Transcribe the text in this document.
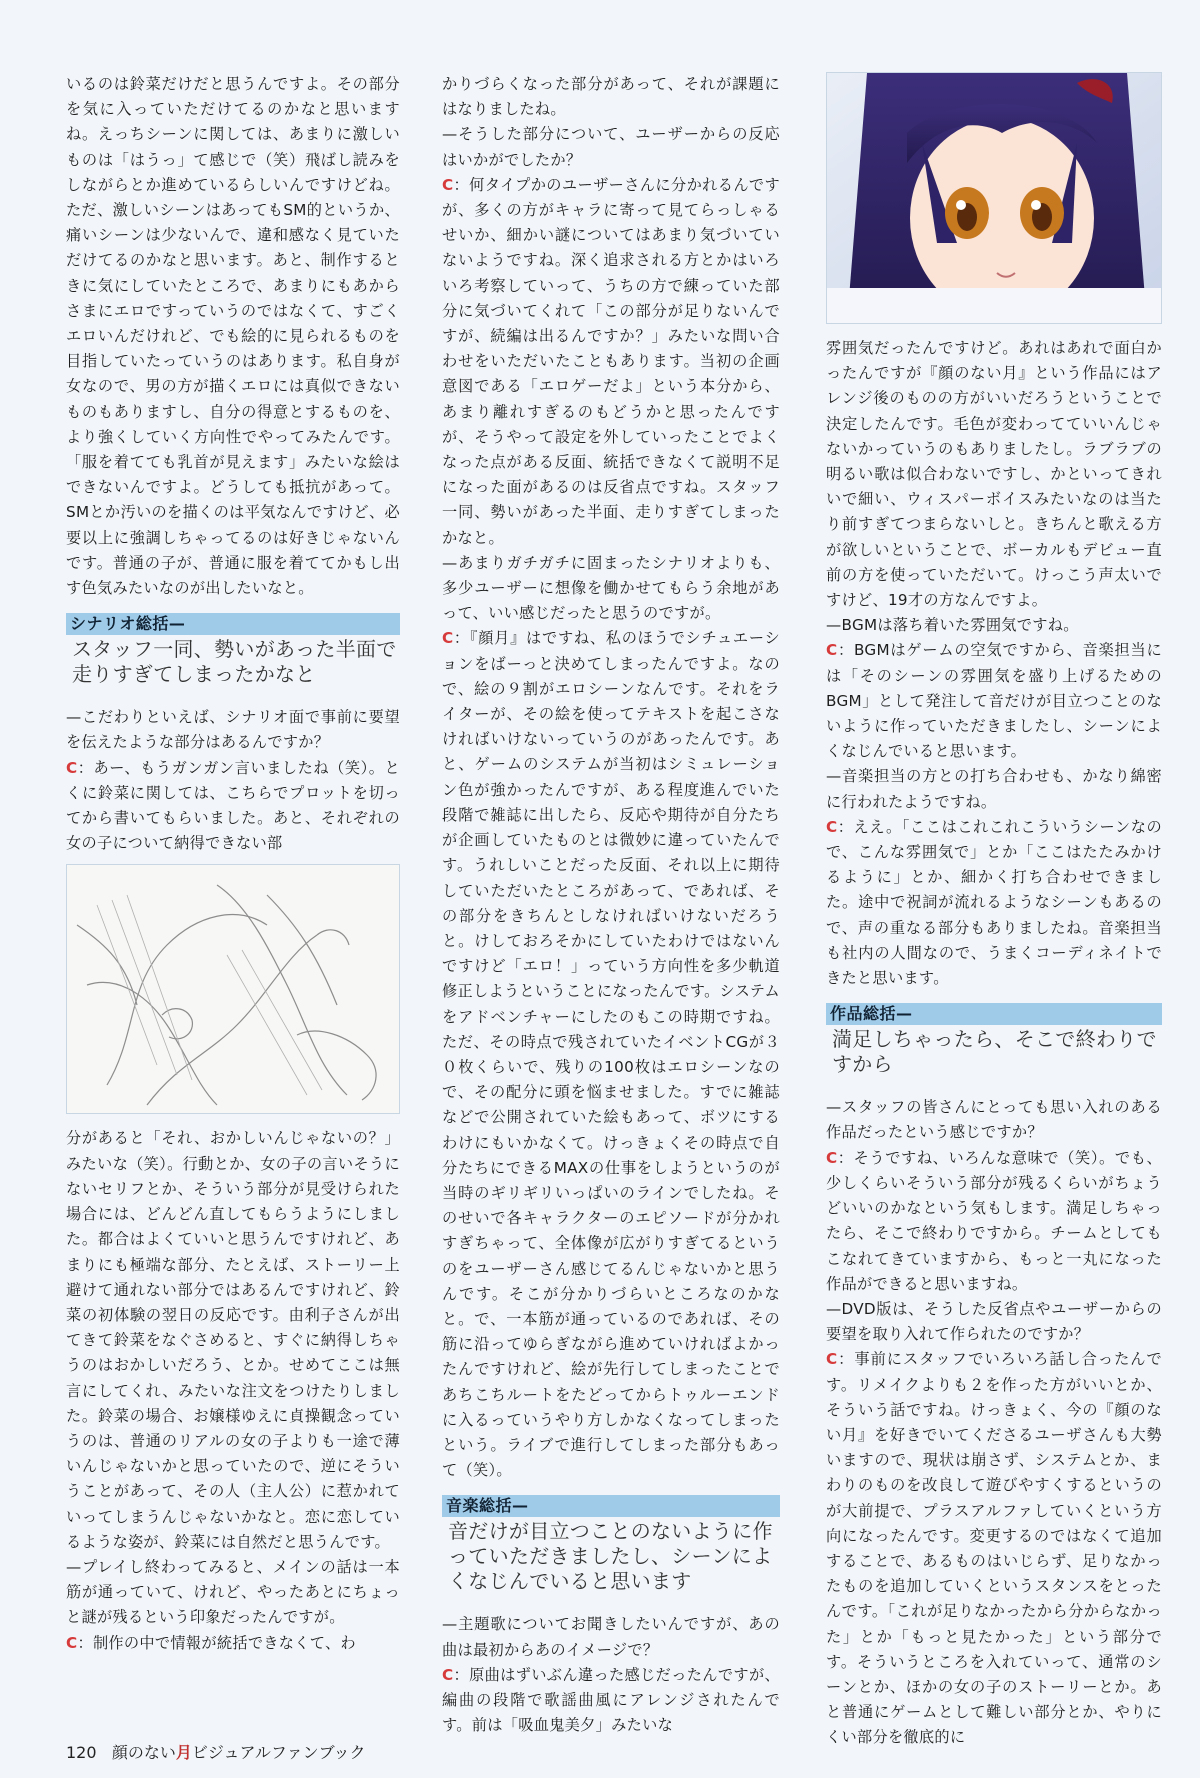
いるのは鈴菜だけだと思うんですよ。その部分を気に入っていただけてるのかなと思いますね。えっちシーンに関しては、あまりに激しいものは「はうっ」て感じで（笑）飛ばし読みをしながらとか進めているらしいんですけどね。ただ、激しいシーンはあってもSM的というか、痛いシーンは少ないんで、違和感なく見ていただけてるのかなと思います。あと、制作するときに気にしていたところで、あまりにもあからさまにエロですっていうのではなくて、すごくエロいんだけれど、でも絵的に見られるものを目指していたっていうのはあります。私自身が女なので、男の方が描くエロには真似できないものもありますし、自分の得意とするものを、より強くしていく方向性でやってみたんです。「服を着てても乳首が見えます」みたいな絵はできないんですよ。どうしても抵抗があって。SMとか汚いのを描くのは平気なんですけど、必要以上に強調しちゃってるのは好きじゃないんです。普通の子が、普通に服を着ててかもし出す色気みたいなのが出したいなと。

シナリオ総括—
スタッフ一同、勢いがあった半面で走りすぎてしまったかなと

—こだわりといえば、シナリオ面で事前に要望を伝えたような部分はあるんですか？

C：あー、もうガンガン言いましたね（笑）。とくに鈴菜に関しては、こちらでプロットを切ってから書いてもらいました。あと、それぞれの女の子について納得できない部

分があると「それ、おかしいんじゃないの？」みたいな（笑）。行動とか、女の子の言いそうにないセリフとか、そういう部分が見受けられた場合には、どんどん直してもらうようにしました。都合はよくていいと思うんですけれど、あまりにも極端な部分、たとえば、ストーリー上避けて通れない部分ではあるんですけれど、鈴菜の初体験の翌日の反応です。由利子さんが出てきて鈴菜をなぐさめると、すぐに納得しちゃうのはおかしいだろう、とか。せめてここは無言にしてくれ、みたいな注文をつけたりしました。鈴菜の場合、お嬢様ゆえに貞操観念っていうのは、普通のリアルの女の子よりも一途で薄いんじゃないかと思っていたので、逆にそういうことがあって、その人（主人公）に惹かれていってしまうんじゃないかなと。恋に恋しているような姿が、鈴菜には自然だと思うんです。

—プレイし終わってみると、メインの話は一本筋が通っていて、けれど、やったあとにちょっと謎が残るという印象だったんですが。

C：制作の中で情報が統括できなくて、わ

かりづらくなった部分があって、それが課題にはなりましたね。

—そうした部分について、ユーザーからの反応はいかがでしたか？

C：何タイプかのユーザーさんに分かれるんですが、多くの方がキャラに寄って見てらっしゃるせいか、細かい謎についてはあまり気づいていないようですね。深く追求される方とかはいろいろ考察していって、うちの方で練っていた部分に気づいてくれて「この部分が足りないんですが、続編は出るんですか？」みたいな問い合わせをいただいたこともあります。当初の企画意図である「エロゲーだよ」という本分から、あまり離れすぎるのもどうかと思ったんですが、そうやって設定を外していったことでよくなった点がある反面、統括できなくて説明不足になった面があるのは反省点ですね。スタッフ一同、勢いがあった半面、走りすぎてしまったかなと。

—あまりガチガチに固まったシナリオよりも、多少ユーザーに想像を働かせてもらう余地があって、いい感じだったと思うのですが。

C：『顔月』はですね、私のほうでシチュエーションをばーっと決めてしまったんですよ。なので、絵の９割がエロシーンなんです。それをライターが、その絵を使ってテキストを起こさなければいけないっていうのがあったんです。あと、ゲームのシステムが当初はシミュレーション色が強かったんですが、ある程度進んでいた段階で雑誌に出したら、反応や期待が自分たちが企画していたものとは微妙に違っていたんです。うれしいことだった反面、それ以上に期待していただいたところがあって、であれば、その部分をきちんとしなければいけないだろうと。けしておろそかにしていたわけではないんですけど「エロ！」っていう方向性を多少軌道修正しようということになったんです。システムをアドベンチャーにしたのもこの時期ですね。ただ、その時点で残されていたイベントCGが３０枚くらいで、残りの100枚はエロシーンなので、その配分に頭を悩ませました。すでに雑誌などで公開されていた絵もあって、ボツにするわけにもいかなくて。けっきょくその時点で自分たちにできるMAXの仕事をしようというのが当時のギリギリいっぱいのラインでしたね。そのせいで各キャラクターのエピソードが分かれすぎちゃって、全体像が広がりすぎてるというのをユーザーさん感じてるんじゃないかと思うんです。そこが分かりづらいところなのかなと。で、一本筋が通っているのであれば、その筋に沿ってゆらぎながら進めていければよかったんですけれど、絵が先行してしまったことであちこちルートをたどってからトゥルーエンドに入るっていうやり方しかなくなってしまったという。ライブで進行してしまった部分もあって（笑）。

音楽総括—
音だけが目立つことのないように作っていただきましたし、シーンによくなじんでいると思います

—主題歌についてお聞きしたいんですが、あの曲は最初からあのイメージで？

C：原曲はずいぶん違った感じだったんですが、編曲の段階で歌謡曲風にアレンジされたんです。前は「吸血鬼美夕」みたいな

雰囲気だったんですけど。あれはあれで面白かったんですが『顔のない月』という作品にはアレンジ後のものの方がいいだろうということで決定したんです。毛色が変わってていいんじゃないかっていうのもありましたし。ラブラブの明るい歌は似合わないですし、かといってきれいで細い、ウィスパーボイスみたいなのは当たり前すぎてつまらないしと。きちんと歌える方が欲しいということで、ボーカルもデビュー直前の方を使っていただいて。けっこう声太いですけど、19才の方なんですよ。

—BGMは落ち着いた雰囲気ですね。

C：BGMはゲームの空気ですから、音楽担当には「そのシーンの雰囲気を盛り上げるためのBGM」として発注して音だけが目立つことのないように作っていただきましたし、シーンによくなじんでいると思います。

—音楽担当の方との打ち合わせも、かなり綿密に行われたようですね。

C：ええ。「ここはこれこれこういうシーンなので、こんな雰囲気で」とか「ここはたたみかけるように」とか、細かく打ち合わせできました。途中で祝詞が流れるようなシーンもあるので、声の重なる部分もありましたね。音楽担当も社内の人間なので、うまくコーディネイトできたと思います。

作品総括—
満足しちゃったら、そこで終わりですから

—スタッフの皆さんにとっても思い入れのある作品だったという感じですか？

C：そうですね、いろんな意味で（笑）。でも、少しくらいそういう部分が残るくらいがちょうどいいのかなという気もします。満足しちゃったら、そこで終わりですから。チームとしてもこなれてきていますから、もっと一丸になった作品ができると思いますね。

—DVD版は、そうした反省点やユーザーからの要望を取り入れて作られたのですか？

C：事前にスタッフでいろいろ話し合ったんです。リメイクよりも２を作った方がいいとか、そういう話ですね。けっきょく、今の『顔のない月』を好きでいてくださるユーザさんも大勢いますので、現状は崩さず、システムとか、まわりのものを改良して遊びやすくするというのが大前提で、プラスアルファしていくという方向になったんです。変更するのではなくて追加することで、あるものはいじらず、足りなかったものを追加していくというスタンスをとったんです。「これが足りなかったから分からなかった」とか「もっと見たかった」という部分です。そういうところを入れていって、通常のシーンとか、ほかの女の子のストーリーとか。あと普通にゲームとして難しい部分とか、やりにくい部分を徹底的に

120 顔のない月ビジュアルファンブック
